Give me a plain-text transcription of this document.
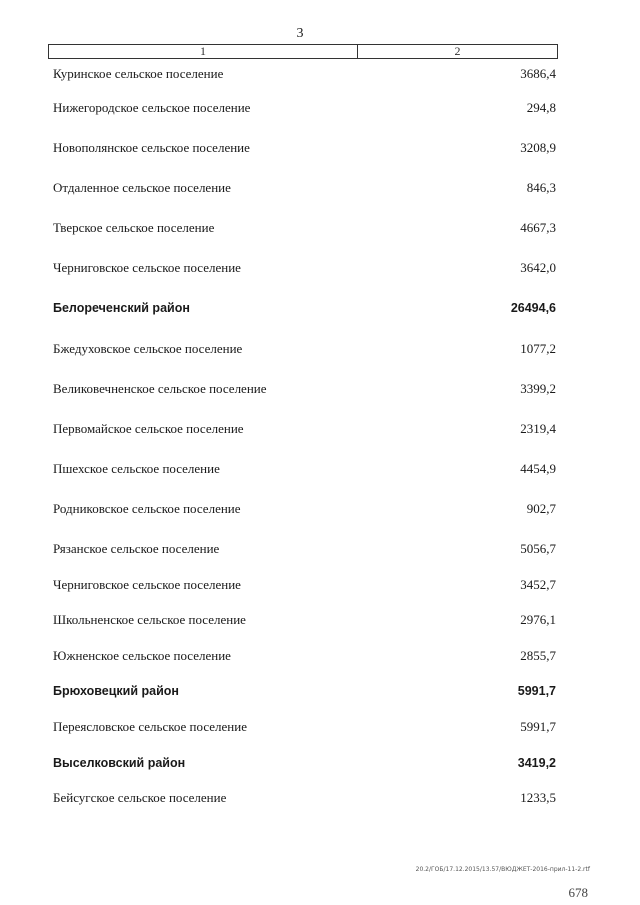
3
1	2
Куринское сельское поселение	3686,4
Нижегородское сельское поселение	294,8
Новополянское сельское поселение	3208,9
Отдаленное сельское поселение	846,3
Тверское сельское поселение	4667,3
Черниговское сельское поселение	3642,0
Белореченский район	26494,6
Бжедуховское сельское поселение	1077,2
Великовечненское сельское поселение	3399,2
Первомайское сельское поселение	2319,4
Пшехское сельское поселение	4454,9
Родниковское сельское поселение	902,7
Рязанское сельское поселение	5056,7
Черниговское сельское поселение	3452,7
Школьненское сельское поселение	2976,1
Южненское сельское поселение	2855,7
Брюховецкий район	5991,7
Переясловское сельское поселение	5991,7
Выселковский район	3419,2
Бейсугское сельское поселение	1233,5
20.2/ГОБ/17.12.2015/13.57/ВЮДЖЕТ-2016-прил-11-2.rtf
678
